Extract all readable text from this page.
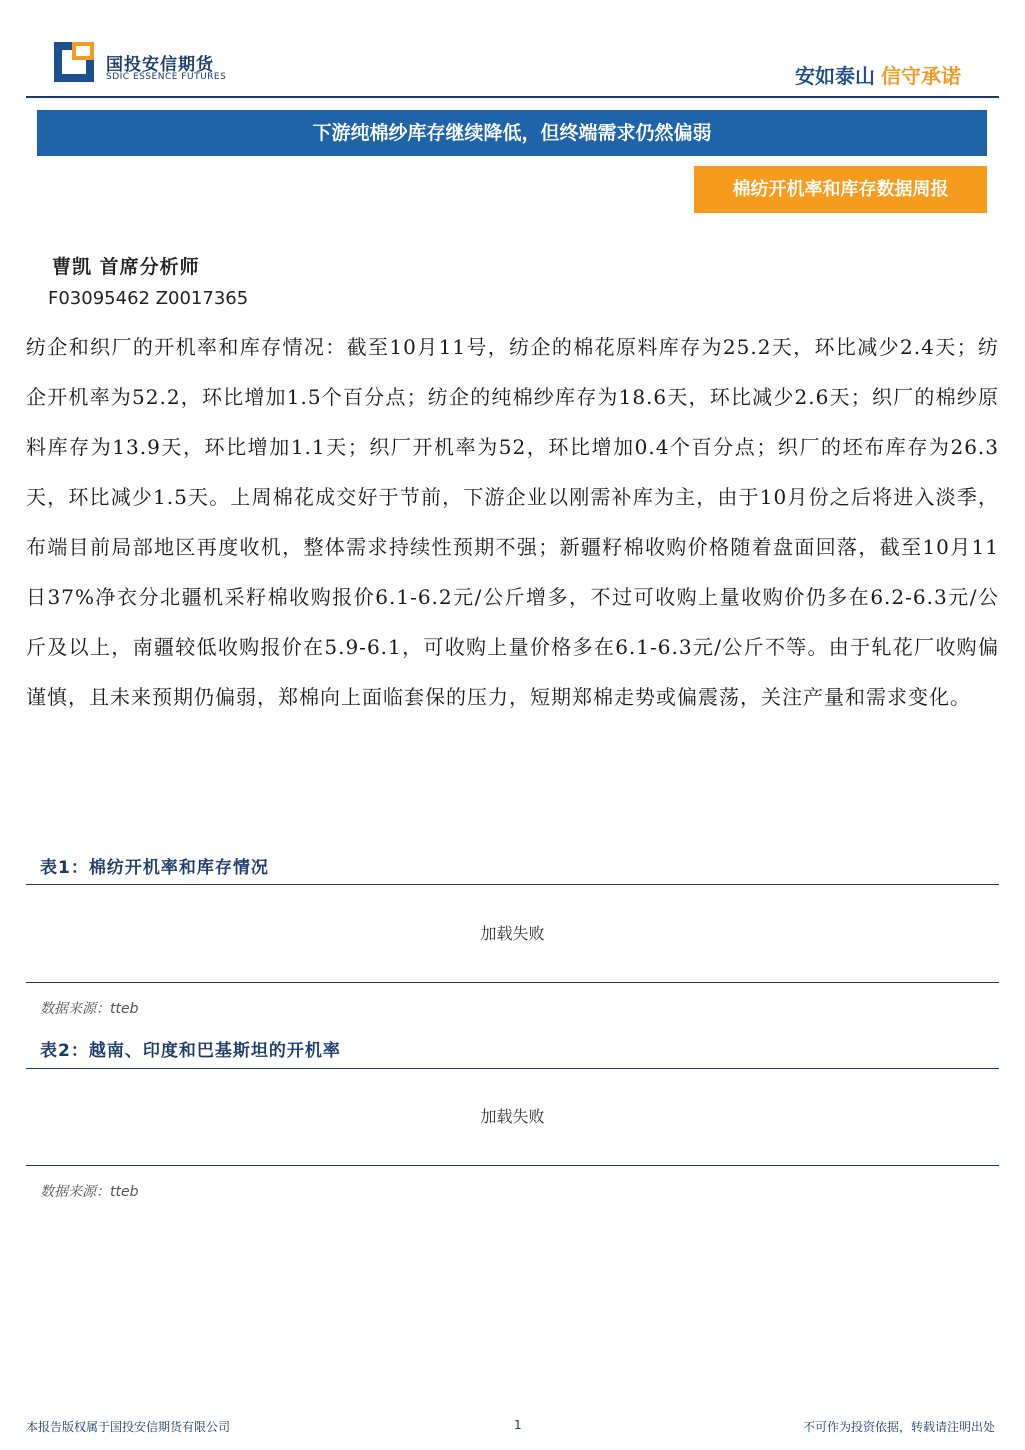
国投安信期货
SDIC ESSENCE FUTURES	安如泰山 信守承诺
下游纯棉纱库存继续降低，但终端需求仍然偏弱
棉纺开机率和库存数据周报
曹凯 首席分析师
F03095462 Z0017365
纺企和织厂的开机率和库存情况：截至10月11号，纺企的棉花原料库存为25.2天，环比减少2.4天；纺企开机率为52.2，环比增加1.5个百分点；纺企的纯棉纱库存为18.6天，环比减少2.6天；织厂的棉纱原料库存为13.9天，环比增加1.1天；织厂开机率为52，环比增加0.4个百分点；织厂的坯布库存为26.3天，环比减少1.5天。上周棉花成交好于节前，下游企业以刚需补库为主，由于10月份之后将进入淡季，布端目前局部地区再度收机，整体需求持续性预期不强；新疆籽棉收购价格随着盘面回落，截至10月11日37%净衣分北疆机采籽棉收购报价6.1-6.2元/公斤增多，不过可收购上量收购价仍多在6.2-6.3元/公斤及以上，南疆较低收购报价在5.9-6.1，可收购上量价格多在6.1-6.3元/公斤不等。由于轧花厂收购偏谨慎，且未来预期仍偏弱，郑棉向上面临套保的压力，短期郑棉走势或偏震荡，关注产量和需求变化。
表1：棉纺开机率和库存情况
加载失败
数据来源：tteb
表2：越南、印度和巴基斯坦的开机率
加载失败
数据来源：tteb
本报告版权属于国投安信期货有限公司	1	不可作为投资依据，转载请注明出处
